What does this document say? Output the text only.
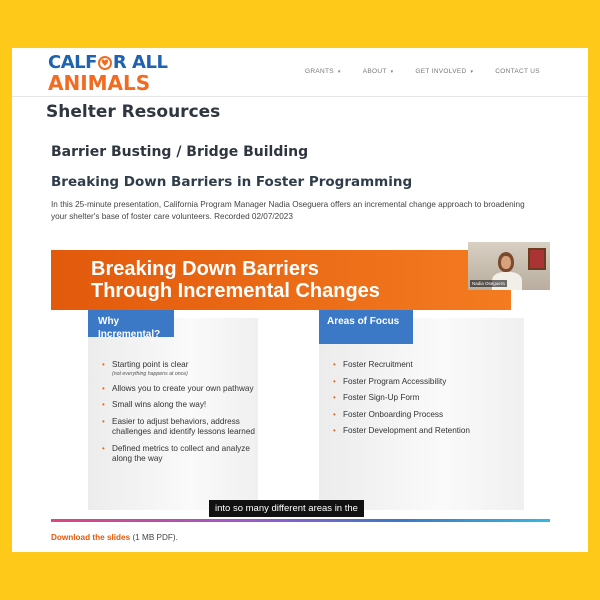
CAL F
♥ R ALL
ANIMALS	GRANTS ▾	ABOUT ▾	GET INVOLVED ▾	CONTACT US
Shelter Resources
Barrier Busting / Bridge Building
Breaking Down Barriers in Foster Programming
In this 25-minute presentation, California Program Manager Nadia Oseguera offers an incremental change approach to broadening your shelter's base of foster care volunteers. Recorded 02/07/2023
Breaking Down Barriers
Through Incremental Changes	Nadia Oseguera
Why Incremental?
• Starting point is clear
(not everything happens at once)
• Allows you to create your own pathway
• Small wins along the way!
• Easier to adjust behaviors, address challenges and identify lessons learned
• Defined metrics to collect and analyze along the way
Areas of Focus
• Foster Recruitment
• Foster Program Accessibility
• Foster Sign-Up Form
• Foster Onboarding Process
• Foster Development and Retention
into so many different areas in the
Download the slides (1 MB PDF).
